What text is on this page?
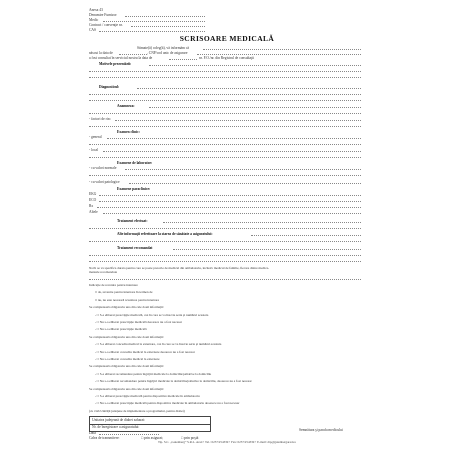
Anexa 43
Denumire Furnizor
Medic
Contract / convenţie nr.
CAS
SCRISOARE MEDICALĂ
Stimate(ă) coleg(ă), vă informăm că
născut la data de	, CNP/cod unic de asigurare
a fost consultat în serviciul nostru la data de	nr. F.O./nr. din Registrul de consultaţii
Motivele prezentării:
Diagnosticul:
Anamneza:
- factori de risc
Examen clinic:
- general
- local
Examene de laborator:
- cu valori normale
- cu valori patologice
Examene paraclinice:
EKG
ECO
Rx
Altele
Tratament efectuat:
Alte informaţii referitoare la starea de sănătate a asiguratului:
Tratament recomandat
Notă: se va specifica durata pentru care se poate prescrie de medicul din ambulatoriu, inclusiv medicul de familie, fiecare dintre medica-
mentele recomandate
Indicaţie de revenire pentru internare
□ da, revenire pentru internare în termen de
□ nu, nu este necesară revenirea pentru internare
Se completează obligatoriu una din cele două informaţii:
- □ S-a eliberat prescripţie medicală, caz în care se va înscrie seria şi numărul acesteia
- □ Nu s-a eliberat prescripţie medicală deoarece nu a fost necesar
- □ Nu s-a eliberat prescripţie medicală
Se completează obligatoriu una din cele două informaţii:
- □ S-a eliberat concediu medical la externare, caz în care se va înscrie seria şi numărul acestuia
- □ Nu s-a eliberat concediu medical la externare deoarece nu a fost necesar
- □ Nu s-a eliberat concediu medical la externare
Se completează obligatoriu una din cele două informaţii:
- □ S-a eliberat recomandare pentru îngrijiri medicale la domiciliu/paliative la domiciliu
- □ Nu s-a eliberat recomandare pentru îngrijiri medicale la domiciliu/paliative la domiciliu, deoarece nu a fost necesar
Se completează obligatoriu una din cele două informaţii:
- □ S-a eliberat prescripţie medicală pentru dispozitive medicale în ambulatoriu
- □ Nu s-a eliberat prescripţie medicală pentru dispozitive medicale în ambulatoriu deoarece nu a fost necesar
(cu viză Unităţii judeţene de implementare a programului, pentru diabet)
Unitatea judeţeană de diabet zaharat:
Nr. de înregistrare a asiguratului:
Data
Semnătura şi parafa medicului
Calea de transmitere:	□ prin asigurat;	□ prin poştă
Tip. S.C. „Gutenberg” S.R.L. Arad • Tel.: 0257/254339 • Fax: 0257/254339 • E-mail: dtp@gutenbergarad.ro
